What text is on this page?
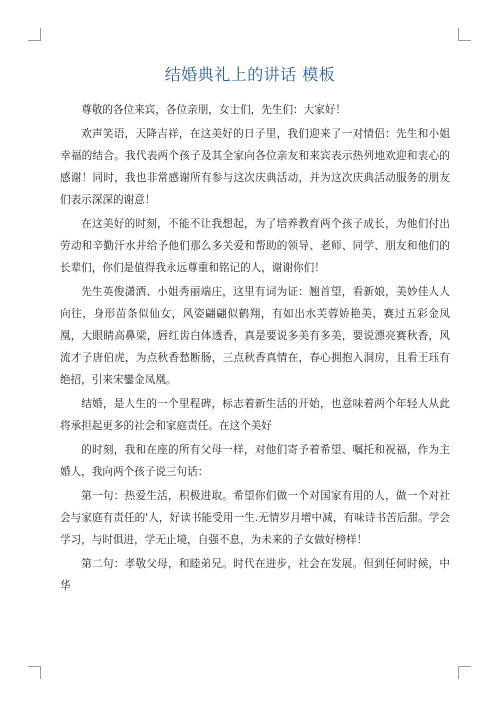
结婚典礼上的讲话 模板

尊敬的各位来宾，各位亲朋，女士们，先生们：大家好！

欢声笑语，天降吉祥，在这美好的日子里，我们迎来了一对情侣：先生和小姐幸福的结合。我代表两个孩子及其全家向各位亲友和来宾表示热列地欢迎和衷心的感谢！同时，我也非常感谢所有参与这次庆典活动，并为这次庆典活动服务的朋友们表示深深的谢意！

在这美好的时刻，不能不让我想起，为了培养教育两个孩子成长，为他们付出劳动和辛勤汗水并给予他们那么多关爱和帮助的领导、老师、同学、朋友和他们的长辈们，你们是值得我永远尊重和铭记的人，谢谢你们！

先生英俊潇洒、小姐秀丽端庄，这里有词为证：翘首望，看新娘，美妙佳人人向往，身形苗条似仙女，风姿翩翩似鹤翔，有如出水芙蓉娇艳美，赛过五彩金凤凰，大眼睛高鼻梁，唇红齿白体透香，真是要说多美有多美，要说漂亮赛秋香，风流才子唐伯虎，为点秋香愁断肠，三点秋香真情在，春心拥抱入洞房，且看王珏有绝招，引来宋鑾金凤凰。

结婚，是人生的一个里程碑，标志着新生活的开始，也意味着两个年轻人从此将承担起更多的社会和家庭责任。在这个美好

的时刻，我和在座的所有父母一样，对他们寄予着希望、嘱托和祝福，作为主婚人，我向两个孩子说三句话：

第一句：热爱生活，积极进取。希望你们做一个对国家有用的人，做一个对社会与家庭有责任的'人，好读书能受用一生.无情岁月增中减，有味诗书苦后甜。学会学习，与时俱进，学无止境，自强不息，为未来的子女做好榜样！

第二句：孝敬父母，和睦弟兄。时代在进步，社会在发展。但到任何时候，中华
